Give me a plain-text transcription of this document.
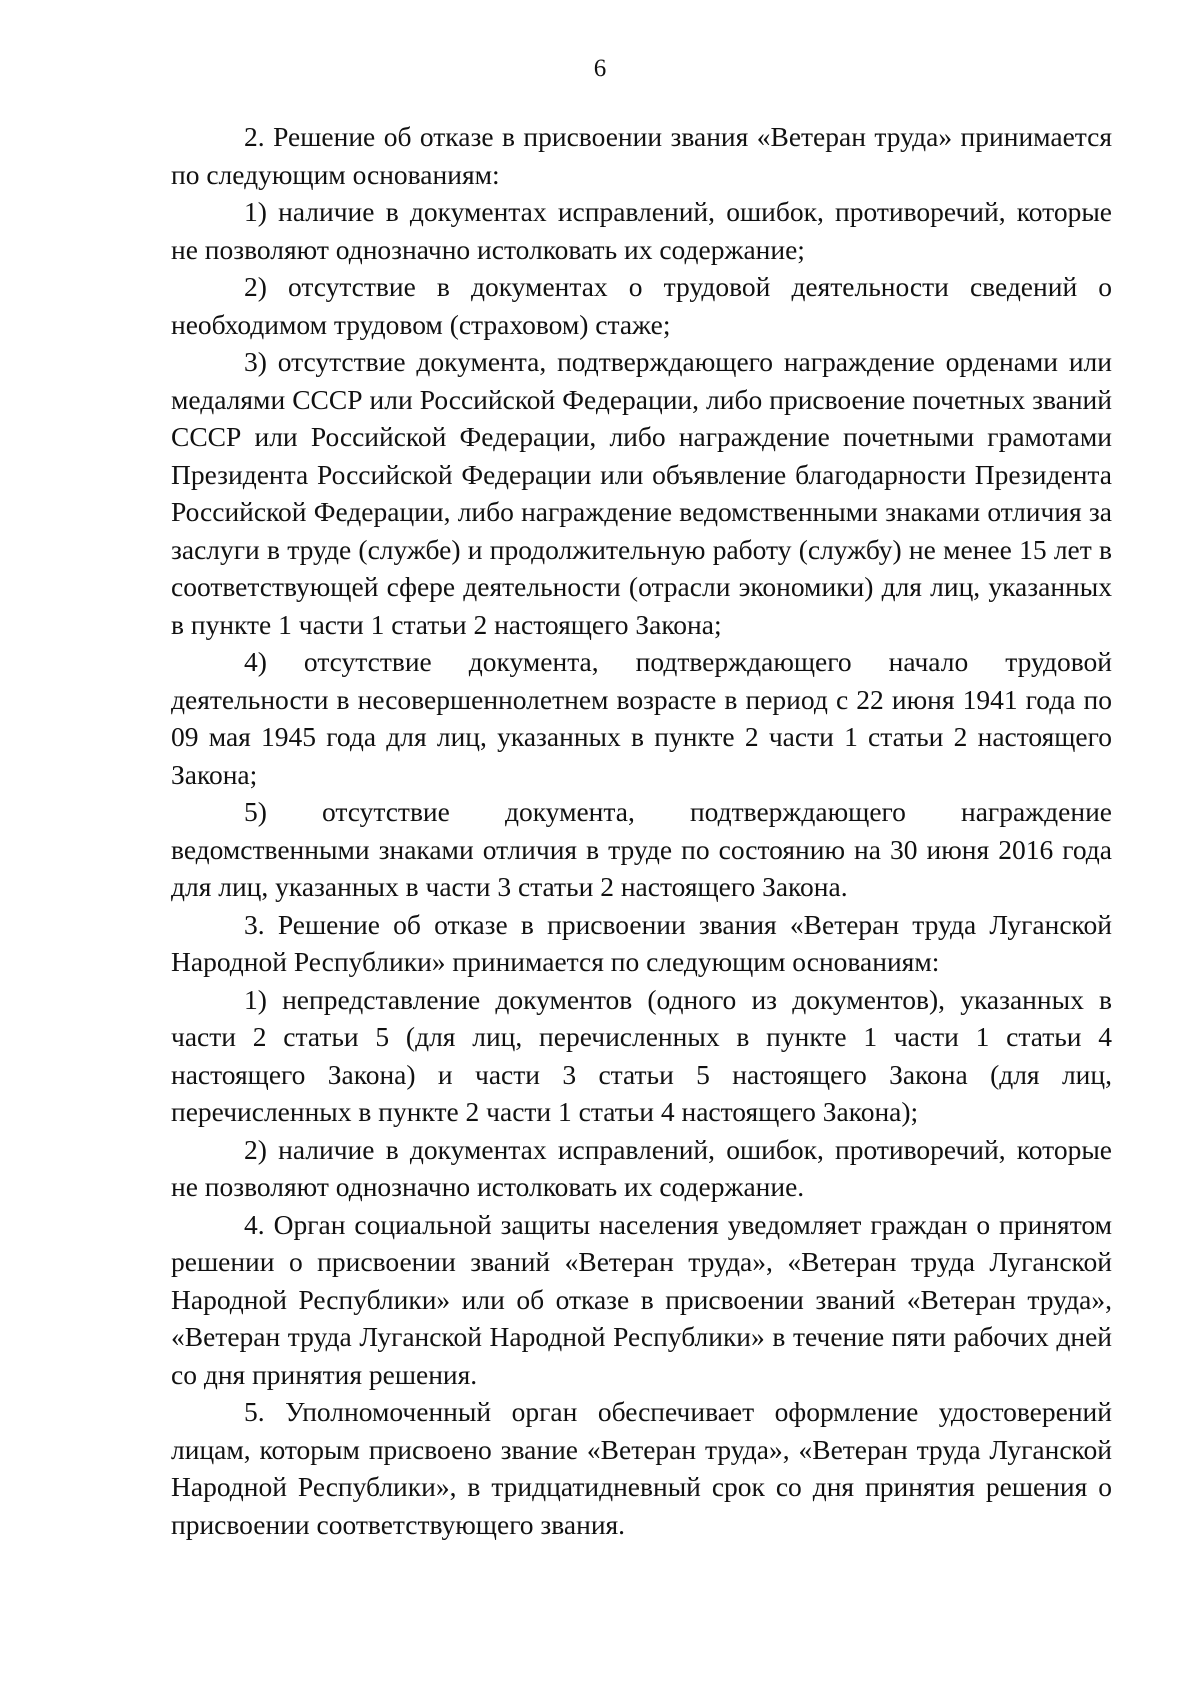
6

2. Решение об отказе в присвоении звания «Ветеран труда» принимается по следующим основаниям:

1) наличие в документах исправлений, ошибок, противоречий, которые не позволяют однозначно истолковать их содержание;

2) отсутствие в документах о трудовой деятельности сведений о необходимом трудовом (страховом) стаже;

3) отсутствие документа, подтверждающего награждение орденами или медалями СССР или Российской Федерации, либо присвоение почетных званий СССР или Российской Федерации, либо награждение почетными грамотами Президента Российской Федерации или объявление благодарности Президента Российской Федерации, либо награждение ведомственными знаками отличия за заслуги в труде (службе) и продолжительную работу (службу) не менее 15 лет в соответствующей сфере деятельности (отрасли экономики) для лиц, указанных в пункте 1 части 1 статьи 2 настоящего Закона;

4) отсутствие документа, подтверждающего начало трудовой деятельности в несовершеннолетнем возрасте в период с 22 июня 1941 года по 09 мая 1945 года для лиц, указанных в пункте 2 части 1 статьи 2 настоящего Закона;

5) отсутствие документа, подтверждающего награждение ведомственными знаками отличия в труде по состоянию на 30 июня 2016 года для лиц, указанных в части 3 статьи 2 настоящего Закона.

3. Решение об отказе в присвоении звания «Ветеран труда Луганской Народной Республики» принимается по следующим основаниям:

1) непредставление документов (одного из документов), указанных в части 2 статьи 5 (для лиц, перечисленных в пункте 1 части 1 статьи 4 настоящего Закона) и части 3 статьи 5 настоящего Закона (для лиц, перечисленных в пункте 2 части 1 статьи 4 настоящего Закона);

2) наличие в документах исправлений, ошибок, противоречий, которые не позволяют однозначно истолковать их содержание.

4. Орган социальной защиты населения уведомляет граждан о принятом решении о присвоении званий «Ветеран труда», «Ветеран труда Луганской Народной Республики» или об отказе в присвоении званий «Ветеран труда», «Ветеран труда Луганской Народной Республики» в течение пяти рабочих дней со дня принятия решения.

5. Уполномоченный орган обеспечивает оформление удостоверений лицам, которым присвоено звание «Ветеран труда», «Ветеран труда Луганской Народной Республики», в тридцатидневный срок со дня принятия решения о присвоении соответствующего звания.
